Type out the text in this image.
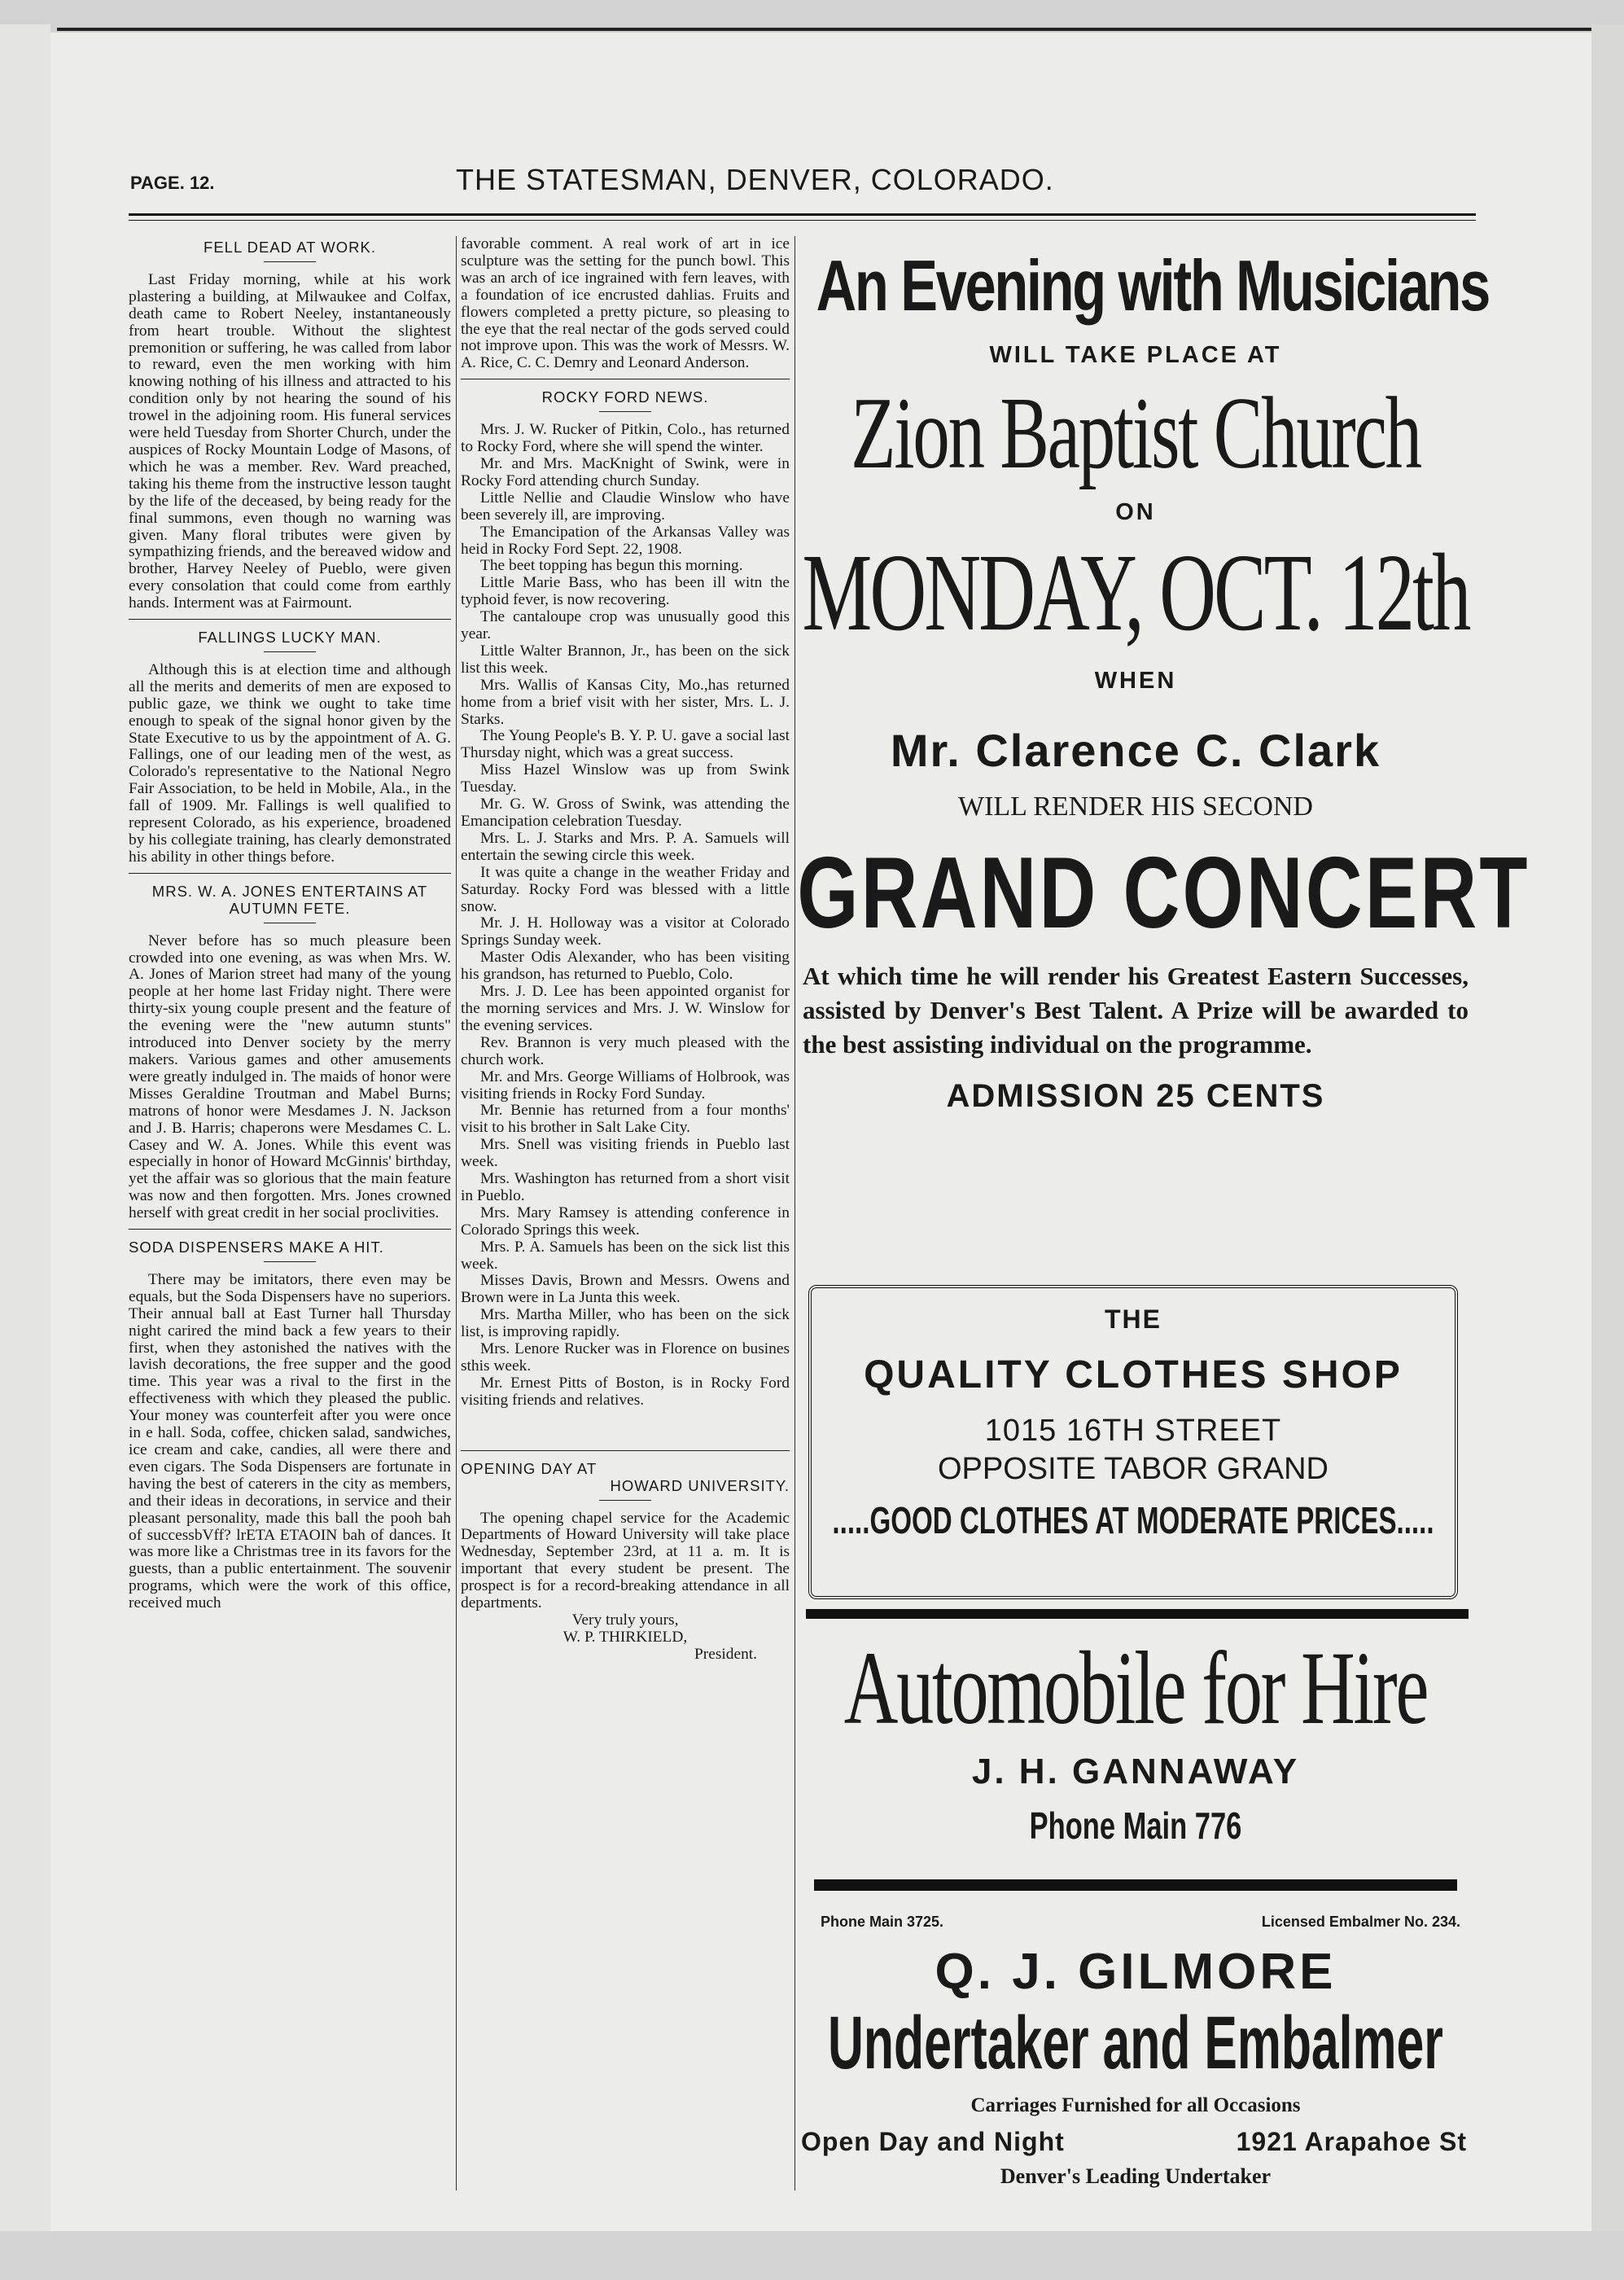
PAGE. 12.	THE STATESMAN, DENVER, COLORADO.
FELL DEAD AT WORK.

Last Friday morning, while at his work plastering a building, at Milwaukee and Colfax, death came to Robert Neeley, instantaneously from heart trouble. Without the slightest premonition or suffering, he was called from labor to reward, even the men working with him knowing nothing of his illness and attracted to his condition only by not hearing the sound of his trowel in the adjoining room. His funeral services were held Tuesday from Shorter Church, under the auspices of Rocky Mountain Lodge of Masons, of which he was a member. Rev. Ward preached, taking his theme from the instructive lesson taught by the life of the deceased, by being ready for the final summons, even though no warning was given. Many floral tributes were given by sympathizing friends, and the bereaved widow and brother, Harvey Neeley of Pueblo, were given every consolation that could come from earthly hands. Interment was at Fairmount.

FALLINGS LUCKY MAN.

Although this is at election time and although all the merits and demerits of men are exposed to public gaze, we think we ought to take time enough to speak of the signal honor given by the State Executive to us by the appointment of A. G. Fallings, one of our leading men of the west, as Colorado's representative to the National Negro Fair Association, to be held in Mobile, Ala., in the fall of 1909. Mr. Fallings is well qualified to represent Colorado, as his experience, broadened by his collegiate training, has clearly demonstrated his ability in other things before.

MRS. W. A. JONES ENTERTAINS AT AUTUMN FETE.

Never before has so much pleasure been crowded into one evening, as was when Mrs. W. A. Jones of Marion street had many of the young people at her home last Friday night. There were thirty-six young couple present and the feature of the evening were the "new autumn stunts" introduced into Denver society by the merry makers. Various games and other amusements were greatly indulged in. The maids of honor were Misses Geraldine Troutman and Mabel Burns; matrons of honor were Mesdames J. N. Jackson and J. B. Harris; chaperons were Mesdames C. L. Casey and W. A. Jones. While this event was especially in honor of Howard McGinnis' birthday, yet the affair was so glorious that the main feature was now and then forgotten. Mrs. Jones crowned herself with great credit in her social proclivities.

SODA DISPENSERS MAKE A HIT.

There may be imitators, there even may be equals, but the Soda Dispensers have no superiors. Their annual ball at East Turner hall Thursday night carired the mind back a few years to their first, when they astonished the natives with the lavish decorations, the free supper and the good time. This year was a rival to the first in the effectiveness with which they pleased the public. Your money was counterfeit after you were once in e hall. Soda, coffee, chicken salad, sandwiches, ice cream and cake, candies, all were there and even cigars. The Soda Dispensers are fortunate in having the best of caterers in the city as members, and their ideas in decorations, in service and their pleasant personality, made this ball the pooh bah of successbVff? lrETA ETAOIN bah of dances. It was more like a Christmas tree in its favors for the guests, than a public entertainment. The souvenir programs, which were the work of this office, received much

favorable comment. A real work of art in ice sculpture was the setting for the punch bowl. This was an arch of ice ingrained with fern leaves, with a foundation of ice encrusted dahlias. Fruits and flowers completed a pretty picture, so pleasing to the eye that the real nectar of the gods served could not improve upon. This was the work of Messrs. W. A. Rice, C. C. Demry and Leonard Anderson.

ROCKY FORD NEWS.

Mrs. J. W. Rucker of Pitkin, Colo., has returned to Rocky Ford, where she will spend the winter.

Mr. and Mrs. MacKnight of Swink, were in Rocky Ford attending church Sunday.

Little Nellie and Claudie Winslow who have been severely ill, are improving.

The Emancipation of the Arkansas Valley was heid in Rocky Ford Sept. 22, 1908.

The beet topping has begun this morning.

Little Marie Bass, who has been ill witn the typhoid fever, is now recovering.

The cantaloupe crop was unusually good this year.

Little Walter Brannon, Jr., has been on the sick list this week.

Mrs. Wallis of Kansas City, Mo.,has returned home from a brief visit with her sister, Mrs. L. J. Starks.

The Young People's B. Y. P. U. gave a social last Thursday night, which was a great success.

Miss Hazel Winslow was up from Swink Tuesday.

Mr. G. W. Gross of Swink, was attending the Emancipation celebration Tuesday.

Mrs. L. J. Starks and Mrs. P. A. Samuels will entertain the sewing circle this week.

It was quite a change in the weather Friday and Saturday. Rocky Ford was blessed with a little snow.

Mr. J. H. Holloway was a visitor at Colorado Springs Sunday week.

Master Odis Alexander, who has been visiting his grandson, has returned to Pueblo, Colo.

Mrs. J. D. Lee has been appointed organist for the morning services and Mrs. J. W. Winslow for the evening services.

Rev. Brannon is very much pleased with the church work.

Mr. and Mrs. George Williams of Holbrook, was visiting friends in Rocky Ford Sunday.

Mr. Bennie has returned from a four months' visit to his brother in Salt Lake City.

Mrs. Snell was visiting friends in Pueblo last week.

Mrs. Washington has returned from a short visit in Pueblo.

Mrs. Mary Ramsey is attending conference in Colorado Springs this week.

Mrs. P. A. Samuels has been on the sick list this week.

Misses Davis, Brown and Messrs. Owens and Brown were in La Junta this week.

Mrs. Martha Miller, who has been on the sick list, is improving rapidly.

Mrs. Lenore Rucker was in Florence on busines sthis week.

Mr. Ernest Pitts of Boston, is in Rocky Ford visiting friends and relatives.

OPENING DAY AT
HOWARD UNIVERSITY.

The opening chapel service for the Academic Departments of Howard University will take place Wednesday, September 23rd, at 11 a. m. It is important that every student be present. The prospect is for a record-breaking attendance in all departments.

Very truly yours,

W. P. THIRKIELD,

President.

An Evening with Musicians
WILL TAKE PLACE AT
Zion Baptist Church
ON
MONDAY, OCT. 12th
WHEN
Mr. Clarence C. Clark
WILL RENDER HIS SECOND
GRAND CONCERT
At which time he will render his Greatest Eastern Successes, assisted by Denver's Best Talent. A Prize will be awarded to the best assisting individual on the programme.
ADMISSION 25 CENTS
THE
QUALITY CLOTHES SHOP
1015 16TH STREET
OPPOSITE TABOR GRAND
.....GOOD CLOTHES AT MODERATE PRICES.....
Automobile for Hire
J. H. GANNAWAY
Phone Main 776
Phone Main 3725.	Licensed Embalmer No. 234.
Q. J. GILMORE
Undertaker and Embalmer
Carriages Furnished for all Occasions
Open Day and Night	1921 Arapahoe St
Denver's Leading Undertaker
